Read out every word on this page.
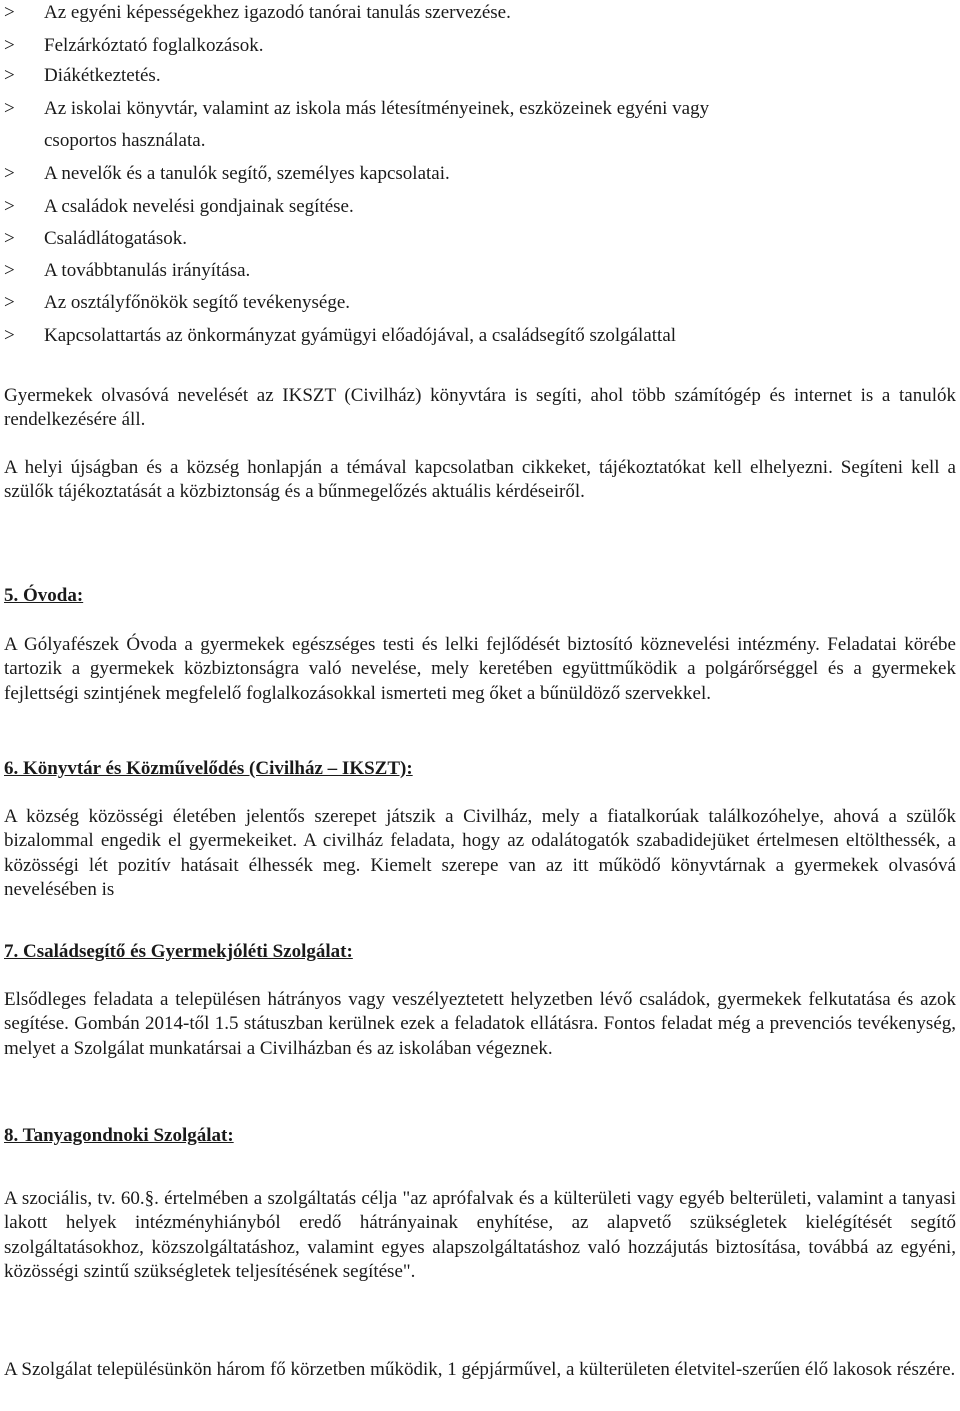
>	Az egyéni képességekhez igazodó tanórai tanulás szervezése.
>	Felzárkóztató foglalkozások.
>	Diákétkeztetés.
>	Az iskolai könyvtár, valamint az iskola más létesítményeinek, eszközeinek egyéni vagy
csoportos használata.
>	A nevelők és a tanulók segítő, személyes kapcsolatai.
>	A családok nevelési gondjainak segítése.
>	Családlátogatások.
>	A továbbtanulás irányítása.
>	Az osztályfőnökök segítő tevékenysége.
>	Kapcsolattartás az önkormányzat gyámügyi előadójával, a családsegítő szolgálattal
Gyermekek olvasóvá nevelését az IKSZT (Civilház) könyvtára is segíti, ahol több számítógép és internet is a tanulók rendelkezésére áll.
A helyi újságban és a község honlapján a témával kapcsolatban cikkeket, tájékoztatókat kell elhelyezni. Segíteni kell a szülők tájékoztatását a közbiztonság és a bűnmegelőzés aktuális kérdéseiről.
5. Óvoda:
A Gólyafészek Óvoda a gyermekek egészséges testi és lelki fejlődését biztosító köznevelési intézmény. Feladatai körébe tartozik a gyermekek közbiztonságra való nevelése, mely keretében együttműködik a polgárőrséggel és a gyermekek fejlettségi szintjének megfelelő foglalkozásokkal ismerteti meg őket a bűnüldöző szervekkel.
6. Könyvtár és Közművelődés (Civilház – IKSZT):
A község közösségi életében jelentős szerepet játszik a Civilház, mely a fiatalkorúak találkozóhelye, ahová a szülők bizalommal engedik el gyermekeiket. A civilház feladata, hogy az odalátogatók szabadidejüket értelmesen eltölthessék, a közösségi lét pozitív hatásait élhessék meg. Kiemelt szerepe van az itt működő könyvtárnak a gyermekek olvasóvá nevelésében is
7. Családsegítő és Gyermekjóléti Szolgálat:
Elsődleges feladata a településen hátrányos vagy veszélyeztetett helyzetben lévő családok, gyermekek felkutatása és azok segítése. Gombán 2014-től 1.5 státuszban kerülnek ezek a feladatok ellátásra. Fontos feladat még a prevenciós tevékenység, melyet a Szolgálat munkatársai a Civilházban és az iskolában végeznek.
8. Tanyagondnoki Szolgálat:
A szociális, tv. 60.§. értelmében a szolgáltatás célja "az aprófalvak és a külterületi vagy egyéb belterületi, valamint a tanyasi lakott helyek intézményhiányból eredő hátrányainak enyhítése, az alapvető szükségletek kielégítését segítő szolgáltatásokhoz, közszolgáltatáshoz, valamint egyes alapszolgáltatáshoz való hozzájutás biztosítása, továbbá az egyéni, közösségi szintű szükségletek teljesítésének segítése".
A Szolgálat településünkön három fő körzetben működik, 1 gépjárművel, a külterületen életvitel-szerűen élő lakosok részére.
